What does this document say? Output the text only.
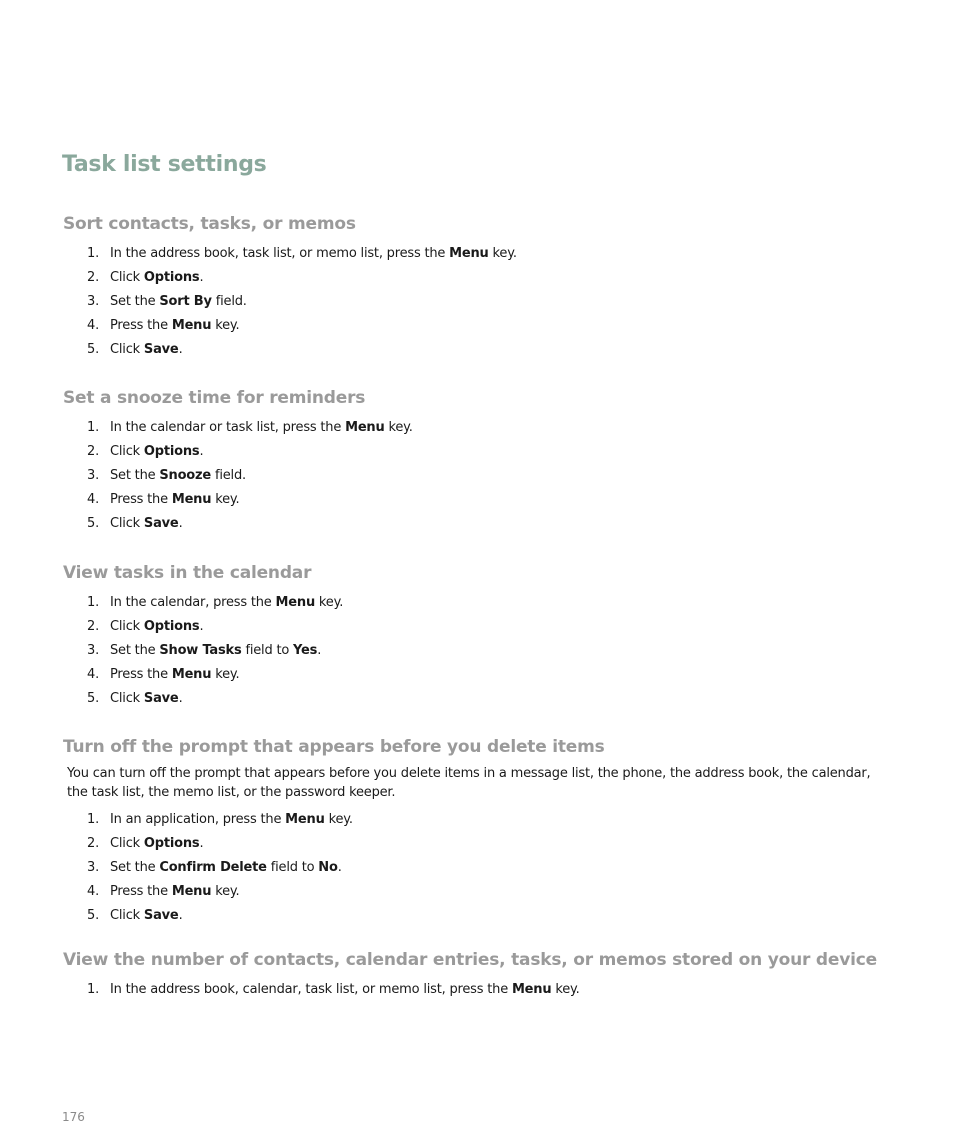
Task list settings
Sort contacts, tasks, or memos
1. In the address book, task list, or memo list, press the Menu key.
2. Click Options.
3. Set the Sort By field.
4. Press the Menu key.
5. Click Save.
Set a snooze time for reminders
1. In the calendar or task list, press the Menu key.
2. Click Options.
3. Set the Snooze field.
4. Press the Menu key.
5. Click Save.
View tasks in the calendar
1. In the calendar, press the Menu key.
2. Click Options.
3. Set the Show Tasks field to Yes.
4. Press the Menu key.
5. Click Save.
Turn off the prompt that appears before you delete items

You can turn off the prompt that appears before you delete items in a message list, the phone, the address book, the calendar, the task list, the memo list, or the password keeper.

1. In an application, press the Menu key.
2. Click Options.
3. Set the Confirm Delete field to No.
4. Press the Menu key.
5. Click Save.
View the number of contacts, calendar entries, tasks, or memos stored on your device
1. In the address book, calendar, task list, or memo list, press the Menu key.
176
